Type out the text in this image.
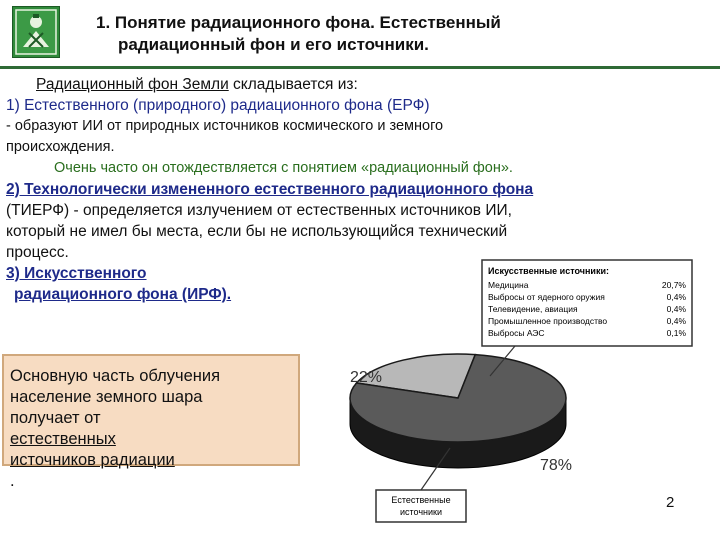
1. Понятие радиационного фона. Естественный
радиационный фон и его источники.
Радиационный фон Земли складывается из:
1) Естественного (природного) радиационного фона (ЕРФ)
- образуют ИИ от природных источников космического и земного
происхождения.
Очень часто он отождествляется с понятием «радиационный фон».
2) Технологически измененного естественного радиационного фона
(ТИЕРФ) - определяется излучением от естественных источников ИИ,
который не имел бы места, если бы не использующийся технический
процесс.
3) Искусственного
радиационного фона (ИРФ).
Основную часть облучения
население земного шара
получает от
естественных
источников радиации
.
Искусственные источники:
Медицина	20,7%
Выбросы от ядерного оружия	0,4%
Телевидение, авиация	0,4%
Промышленное производство	0,4%
Выбросы АЭС	0,1%
22%
78%
Естественные
источники
2
